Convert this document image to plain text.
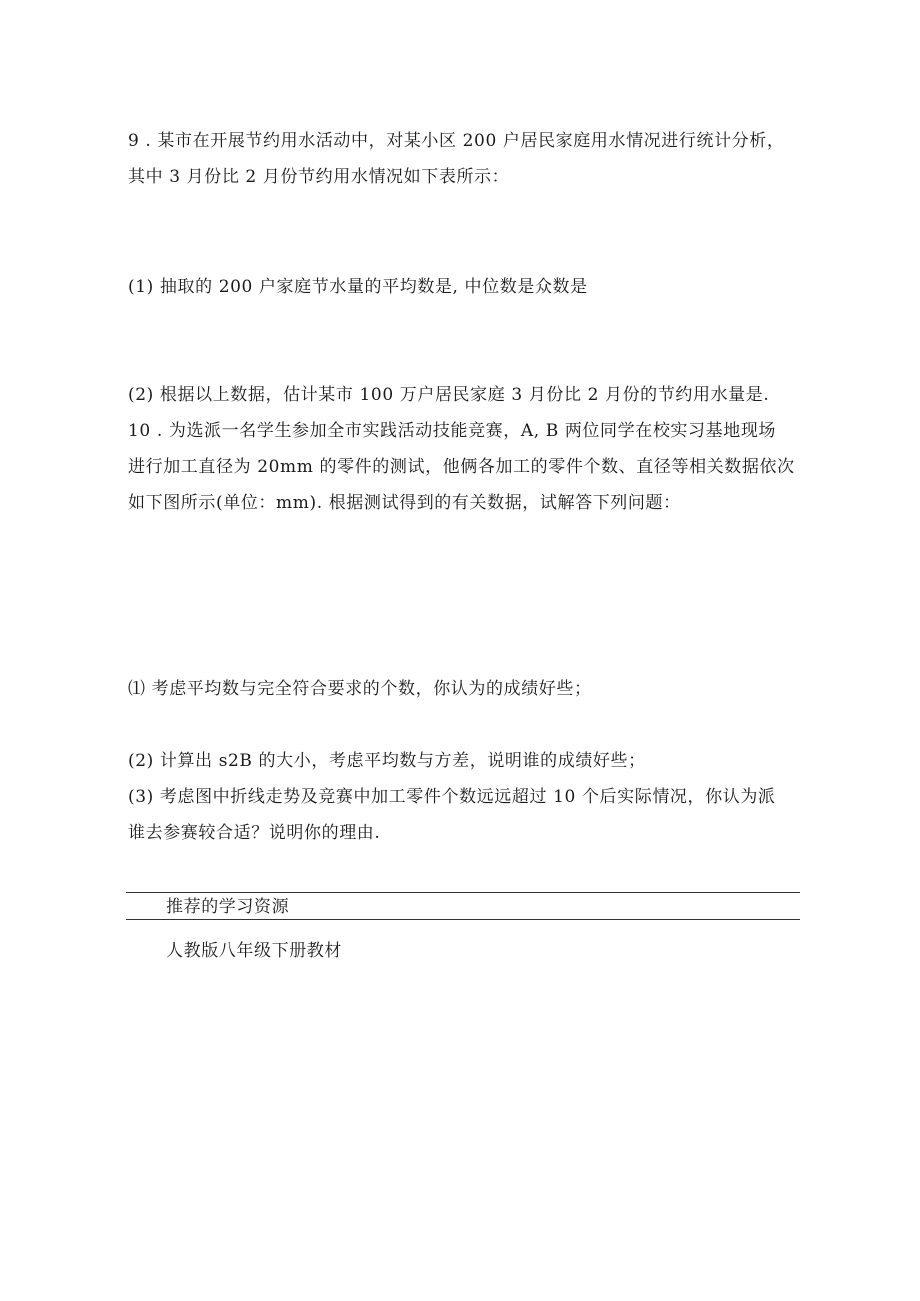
9 . 某市在开展节约用水活动中，对某小区 200 户居民家庭用水情况进行统计分析，
其中 3 月份比 2 月份节约用水情况如下表所示：
(1) 抽取的 200 户家庭节水量的平均数是, 中位数是众数是
(2) 根据以上数据，估计某市 100 万户居民家庭 3 月份比 2 月份的节约用水量是.
10 . 为选派一名学生参加全市实践活动技能竞赛，A, B 两位同学在校实习基地现场
进行加工直径为 20mm 的零件的测试，他俩各加工的零件个数、直径等相关数据依次
如下图所示(单位：mm). 根据测试得到的有关数据，试解答下列问题：
⑴ 考虑平均数与完全符合要求的个数，你认为的成绩好些；
(2) 计算出 s2B 的大小，考虑平均数与方差，说明谁的成绩好些；
(3) 考虑图中折线走势及竞赛中加工零件个数远远超过 10 个后实际情况，你认为派
谁去参赛较合适？说明你的理由.
推荐的学习资源
人教版八年级下册教材
